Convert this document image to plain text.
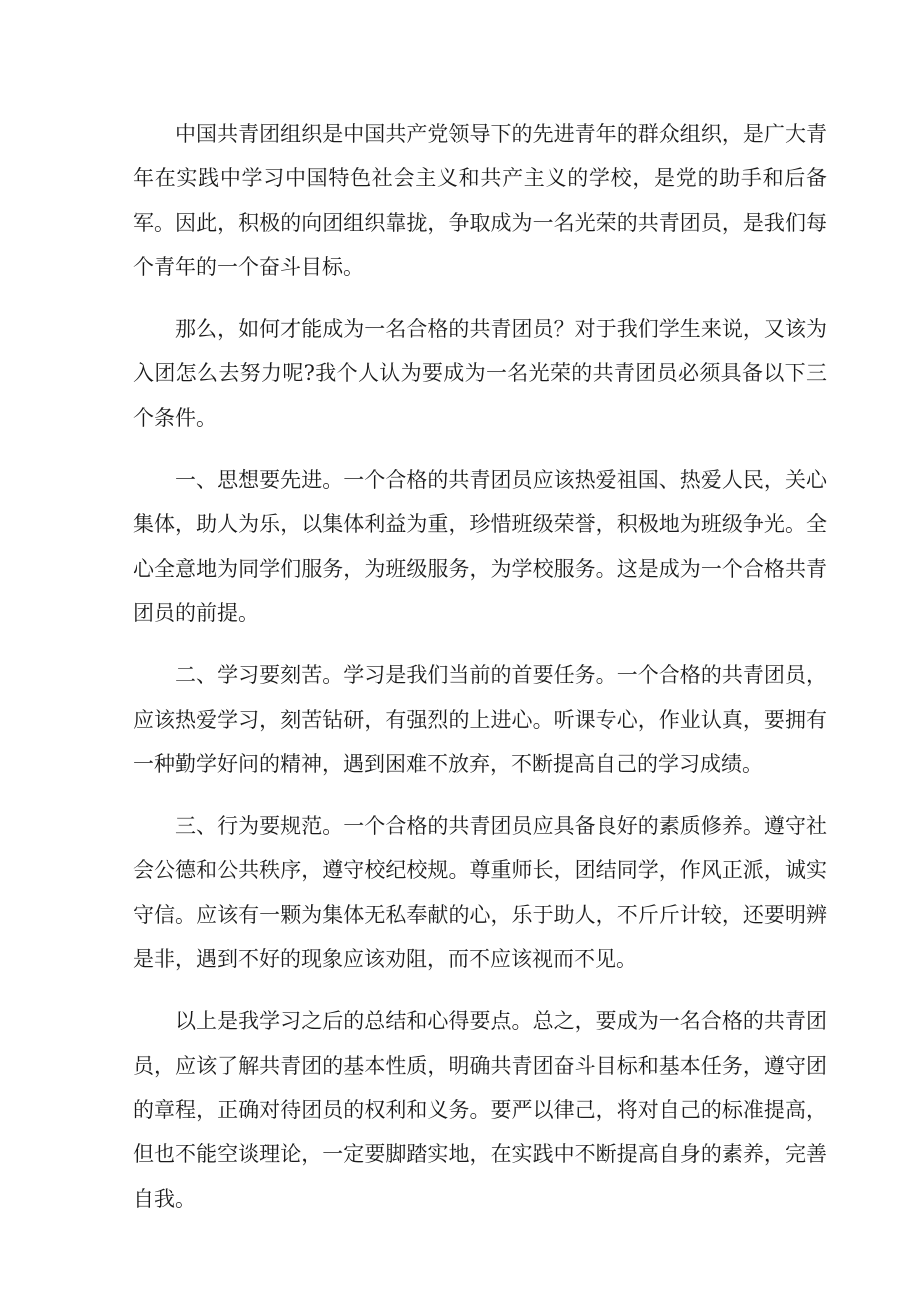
中国共青团组织是中国共产党领导下的先进青年的群众组织，是广大青年在实践中学习中国特色社会主义和共产主义的学校，是党的助手和后备军。因此，积极的向团组织靠拢，争取成为一名光荣的共青团员，是我们每个青年的一个奋斗目标。

那么，如何才能成为一名合格的共青团员？对于我们学生来说，又该为入团怎么去努力呢?我个人认为要成为一名光荣的共青团员必须具备以下三个条件。

一、思想要先进。一个合格的共青团员应该热爱祖国、热爱人民，关心集体，助人为乐，以集体利益为重，珍惜班级荣誉，积极地为班级争光。全心全意地为同学们服务，为班级服务，为学校服务。这是成为一个合格共青团员的前提。

二、学习要刻苦。学习是我们当前的首要任务。一个合格的共青团员，应该热爱学习，刻苦钻研，有强烈的上进心。听课专心，作业认真，要拥有一种勤学好问的精神，遇到困难不放弃，不断提高自己的学习成绩。

三、行为要规范。一个合格的共青团员应具备良好的素质修养。遵守社会公德和公共秩序，遵守校纪校规。尊重师长，团结同学，作风正派，诚实守信。应该有一颗为集体无私奉献的心，乐于助人，不斤斤计较，还要明辨是非，遇到不好的现象应该劝阻，而不应该视而不见。

以上是我学习之后的总结和心得要点。总之，要成为一名合格的共青团员，应该了解共青团的基本性质，明确共青团奋斗目标和基本任务，遵守团的章程，正确对待团员的权利和义务。要严以律己，将对自己的标准提高，但也不能空谈理论，一定要脚踏实地，在实践中不断提高自身的素养，完善自我。
